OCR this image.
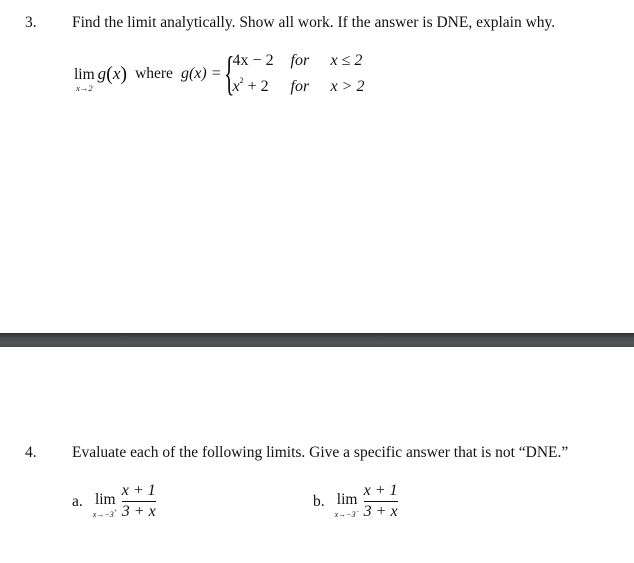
3. Find the limit analytically. Show all work. If the answer is DNE, explain why.
lim
x→2
g ( x ) where g(x) = {
4x − 2	for	x ≤ 2
$x^2 + 2$	for	x > 2
4. Evaluate each of the following limits. Give a specific answer that is not “DNE.”
a. lim
$x\to-3^+ \frac{x + 1}{3 + x}$	b. lim
$x\to-3^- \frac{x + 1}{3 + x}$
